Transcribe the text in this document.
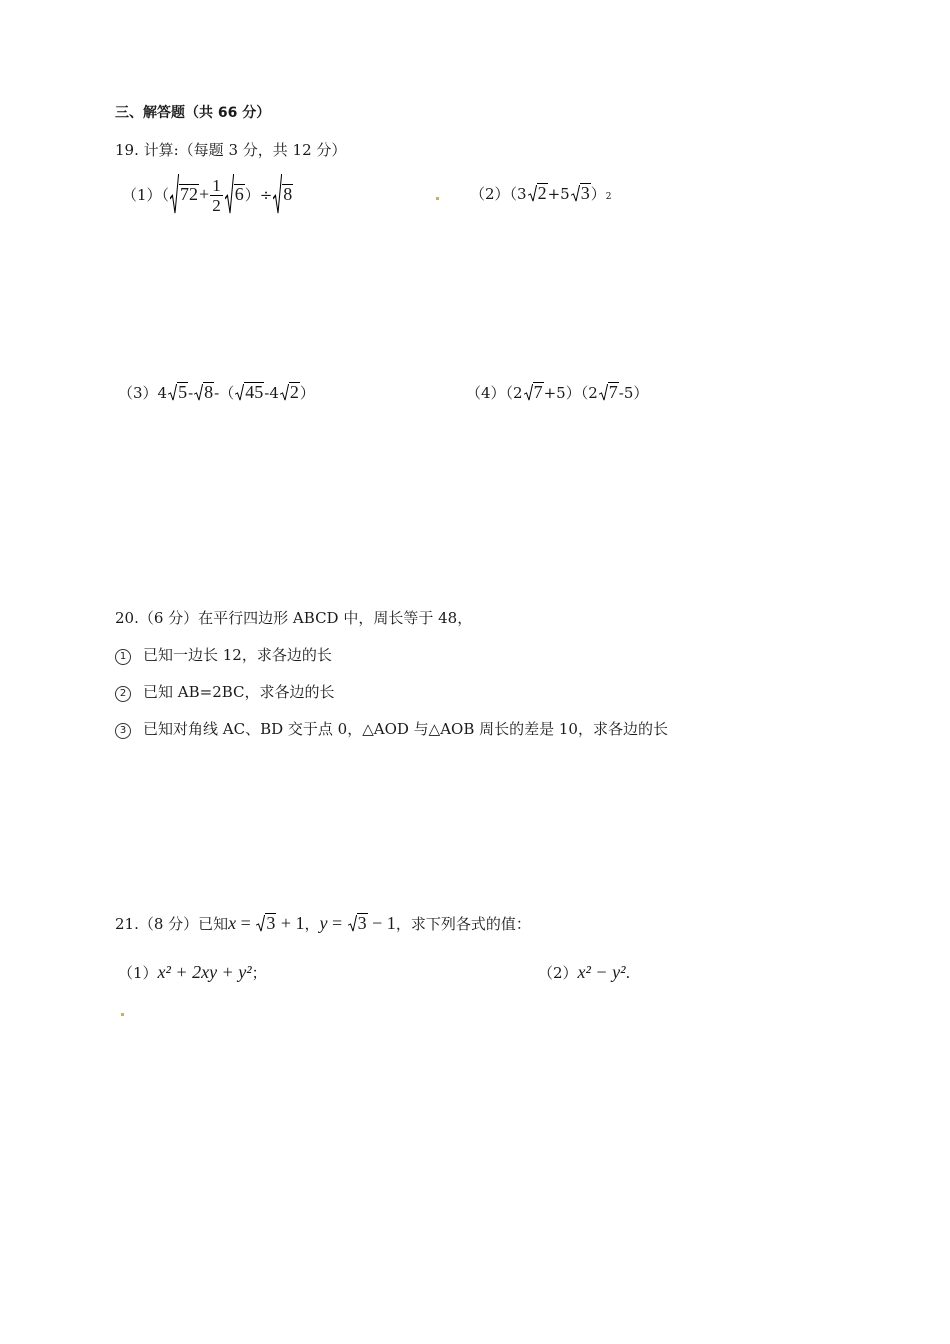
三、解答题（共 66 分）
19. 计算:（每题 3 分，共 12 分）
（1）（ $72+ \frac{1}{2} 6)\div 8$	（2）（3 2+5 3）2
（3）4 5- 8-（ 45-4 2）	（4）（2 7+5）（2 7-5）
20.（6 分）在平行四边形 ABCD 中，周长等于 48，
1 已知一边长 12，求各边的长
2 已知 AB=2BC，求各边的长
3 已知对角线 AC、BD 交于点 0，△AOD 与△AOB 周长的差是 10，求各边的长
21.（8 分）已知x = 3 + 1，y = 3 − 1，求下列各式的值：
（1）x² + 2xy + y²；	（2）x² − y².
